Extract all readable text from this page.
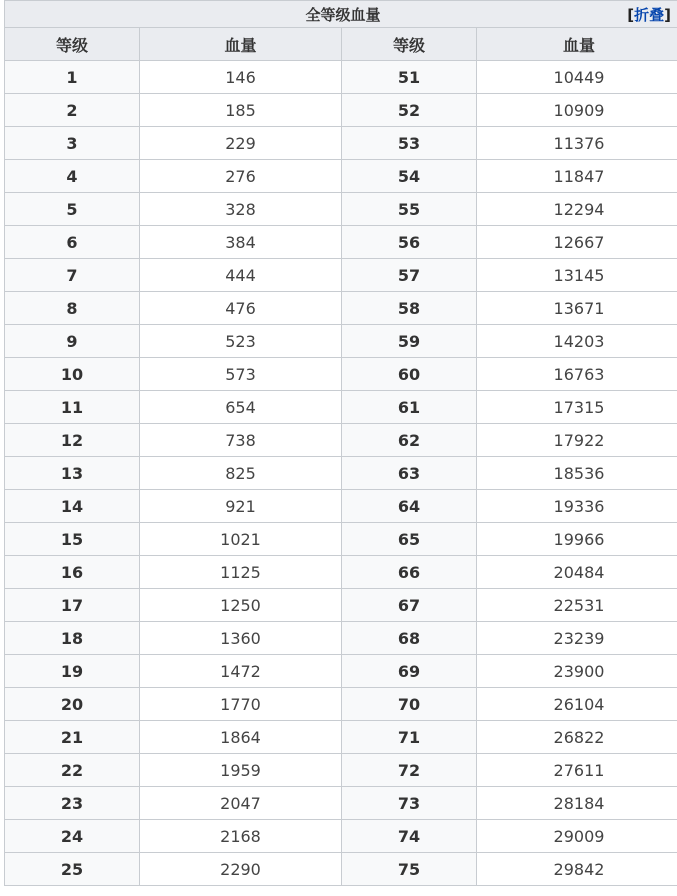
全等级血量 [折叠]			

等级	血量	等级	血量
1	146	51	10449
2	185	52	10909
3	229	53	11376
4	276	54	11847
5	328	55	12294
6	384	56	12667
7	444	57	13145
8	476	58	13671
9	523	59	14203
10	573	60	16763
11	654	61	17315
12	738	62	17922
13	825	63	18536
14	921	64	19336
15	1021	65	19966
16	1125	66	20484
17	1250	67	22531
18	1360	68	23239
19	1472	69	23900
20	1770	70	26104
21	1864	71	26822
22	1959	72	27611
23	2047	73	28184
24	2168	74	29009
25	2290	75	29842
